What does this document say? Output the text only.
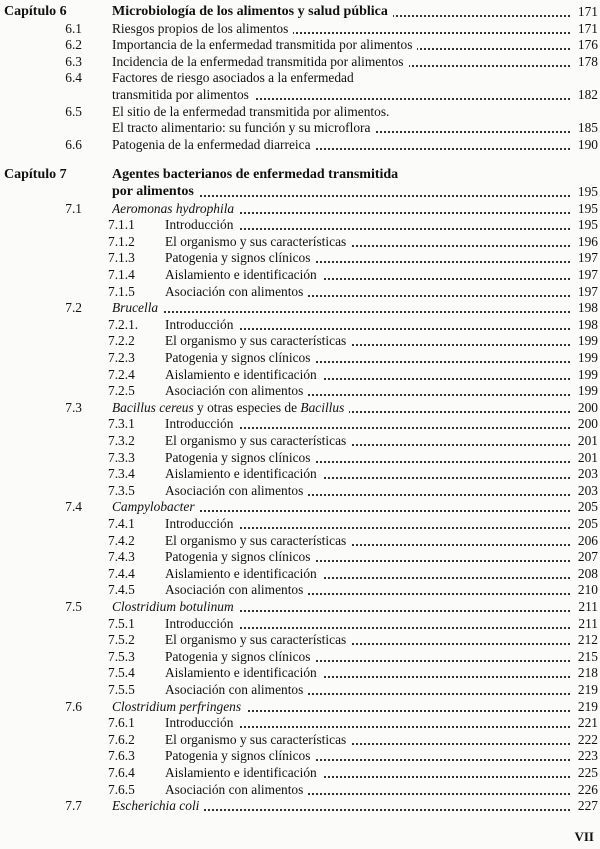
Capítulo 6	Microbiología de los alimentos y salud pública	171
6.1 Riesgos propios de los alimentos	171
6.2 Importancia de la enfermedad transmitida por alimentos	176
6.3 Incidencia de la enfermedad transmitida por alimentos	178
6.4 Factores de riesgo asociados a la enfermedad
transmitida por alimentos	182
6.5 El sitio de la enfermedad transmitida por alimentos.
El tracto alimentario: su función y su microflora	185
6.6 Patogenia de la enfermedad diarreica	190
Capítulo 7	Agentes bacterianos de enfermedad transmitida
por alimentos	195
7.1 Aeromonas hydrophila	195
7.1.1 Introducción	195
7.1.2 El organismo y sus características	196
7.1.3 Patogenia y signos clínicos	197
7.1.4 Aislamiento e identificación	197
7.1.5 Asociación con alimentos	197
7.2 Brucella	198
7.2.1. Introducción	198
7.2.2 El organismo y sus características	199
7.2.3 Patogenia y signos clínicos	199
7.2.4 Aislamiento e identificación	199
7.2.5 Asociación con alimentos	199
7.3 Bacillus cereus y otras especies de Bacillus	200
7.3.1 Introducción	200
7.3.2 El organismo y sus características	201
7.3.3 Patogenia y signos clínicos	201
7.3.4 Aislamiento e identificación	203
7.3.5 Asociación con alimentos	203
7.4 Campylobacter	205
7.4.1 Introducción	205
7.4.2 El organismo y sus características	206
7.4.3 Patogenia y signos clínicos	207
7.4.4 Aislamiento e identificación	208
7.4.5 Asociación con alimentos	210
7.5 Clostridium botulinum	211
7.5.1 Introducción	211
7.5.2 El organismo y sus características	212
7.5.3 Patogenia y signos clínicos	215
7.5.4 Aislamiento e identificación	218
7.5.5 Asociación con alimentos	219
7.6 Clostridium perfringens	219
7.6.1 Introducción	221
7.6.2 El organismo y sus características	222
7.6.3 Patogenia y signos clínicos	223
7.6.4 Aislamiento e identificación	225
7.6.5 Asociación con alimentos	226
7.7 Escherichia coli	227
VII
